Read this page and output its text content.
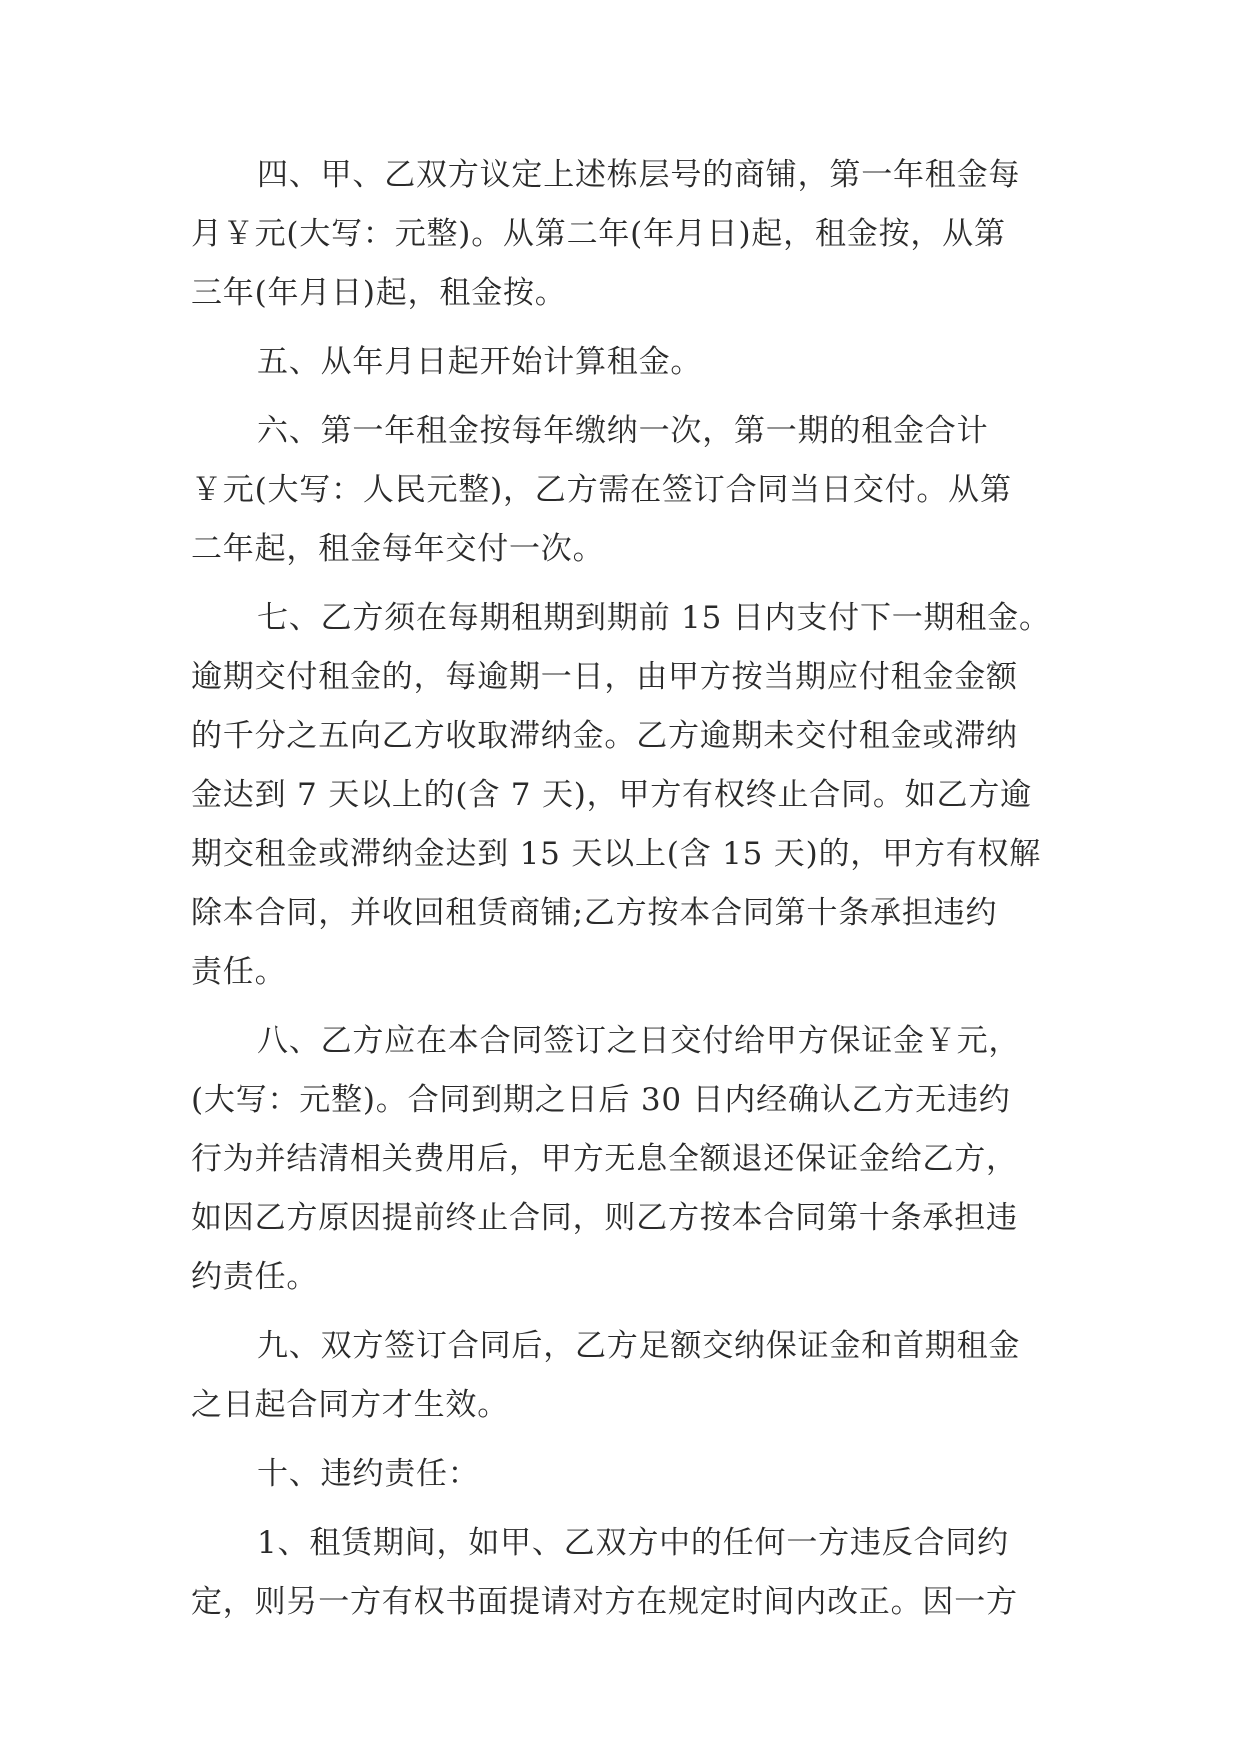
四、甲、乙双方议定上述栋层号的商铺，第一年租金每
月￥元(大写：元整)。从第二年(年月日)起，租金按，从第
三年(年月日)起，租金按。

五、从年月日起开始计算租金。

六、第一年租金按每年缴纳一次，第一期的租金合计
￥元(大写：人民元整)，乙方需在签订合同当日交付。从第
二年起，租金每年交付一次。

七、乙方须在每期租期到期前 15 日内支付下一期租金。
逾期交付租金的，每逾期一日，由甲方按当期应付租金金额
的千分之五向乙方收取滞纳金。乙方逾期未交付租金或滞纳
金达到 7 天以上的(含 7 天)，甲方有权终止合同。如乙方逾
期交租金或滞纳金达到 15 天以上(含 15 天)的，甲方有权解
除本合同，并收回租赁商铺;乙方按本合同第十条承担违约
责任。

八、乙方应在本合同签订之日交付给甲方保证金￥元，
(大写：元整)。合同到期之日后 30 日内经确认乙方无违约
行为并结清相关费用后，甲方无息全额退还保证金给乙方，
如因乙方原因提前终止合同，则乙方按本合同第十条承担违
约责任。

九、双方签订合同后，乙方足额交纳保证金和首期租金
之日起合同方才生效。

十、违约责任：

1、租赁期间，如甲、乙双方中的任何一方违反合同约
定，则另一方有权书面提请对方在规定时间内改正。因一方
